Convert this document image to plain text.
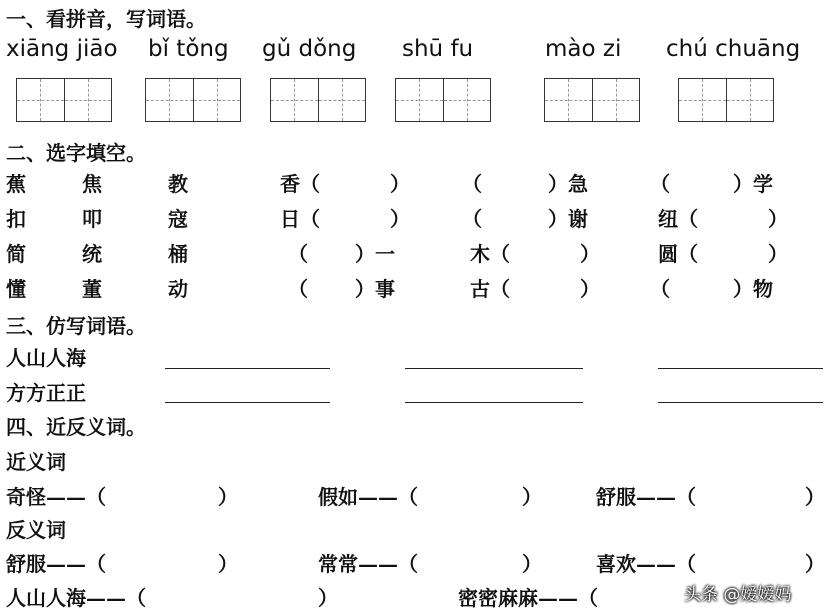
一、看拼音，写词语。
xiāng jiāo bǐ tǒng gǔ dǒng shū fu	mào zi chú chuāng
二、选字填空。
蕉	焦	教	香（	）	（	）急	（	）学
扣	叩	寇	日（	）	（	）谢	纽（	）
简	统	桶	（ ）一	木（	）	圆（	）
懂	董	动	（ ）事	古（	）	（	）物
三、仿写词语。
人山人海
方方正正
四、近反义词。
近义词
奇怪——（	）	假如——（	）	舒服——（	）
反义词
舒服——（	）	常常——（	）	喜欢——（	）
人山人海——（	）	密密麻麻——（	头条 @嫒嫒妈
